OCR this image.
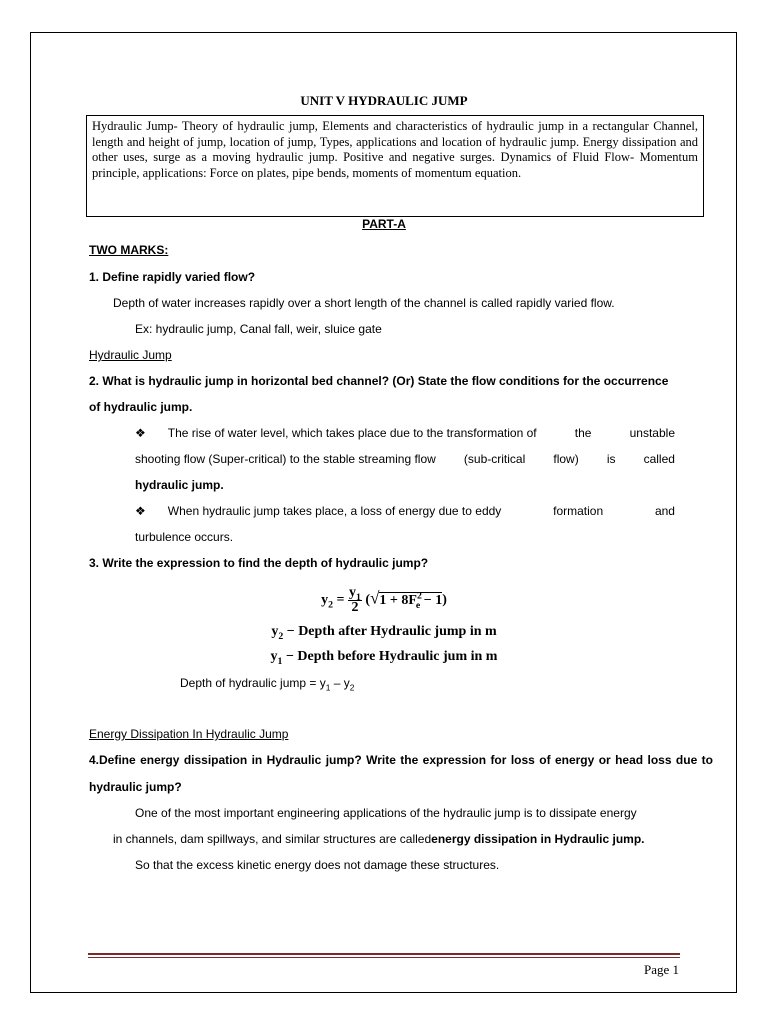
UNIT V HYDRAULIC JUMP
Hydraulic Jump- Theory of hydraulic jump, Elements and characteristics of hydraulic jump in a rectangular Channel, length and height of jump, location of jump, Types, applications and location of hydraulic jump. Energy dissipation and other uses, surge as a moving hydraulic jump. Positive and negative surges. Dynamics of Fluid Flow- Momentum principle, applications: Force on plates, pipe bends, moments of momentum equation.
PART-A
TWO MARKS:
1. Define rapidly varied flow?
Depth of water increases rapidly over a short length of the channel is called rapidly varied flow.
Ex: hydraulic jump, Canal fall, weir, sluice gate
Hydraulic Jump
2. What is hydraulic jump in horizontal bed channel? (Or) State the flow conditions for the occurrence
of hydraulic jump.
❖ The rise of water level, which takes place due to the transformation of	the	unstable
shooting flow (Super-critical) to the stable streaming flow (sub-critical flow) is called
hydraulic jump.
❖ When hydraulic jump takes place, a loss of energy due to eddy	formation	and
turbulence occurs.
3. Write the expression to find the depth of hydraulic jump?
$y_2 = \frac{y_1}{2} (√1 + 8F^2_e - 1)$
$y_2$ − Depth after Hydraulic jump in m
$y_1$ − Depth before Hydraulic jum in m
Depth of hydraulic jump = $y_1 - y_2$
Energy Dissipation In Hydraulic Jump
4.Define energy dissipation in Hydraulic jump? Write the expression for loss of energy or head loss due to
hydraulic jump?
One of the most important engineering applications of the hydraulic jump is to dissipate energy
in channels, dam spillways, and similar structures are calledenergy dissipation in Hydraulic jump.
So that the excess kinetic energy does not damage these structures.
Page 1
